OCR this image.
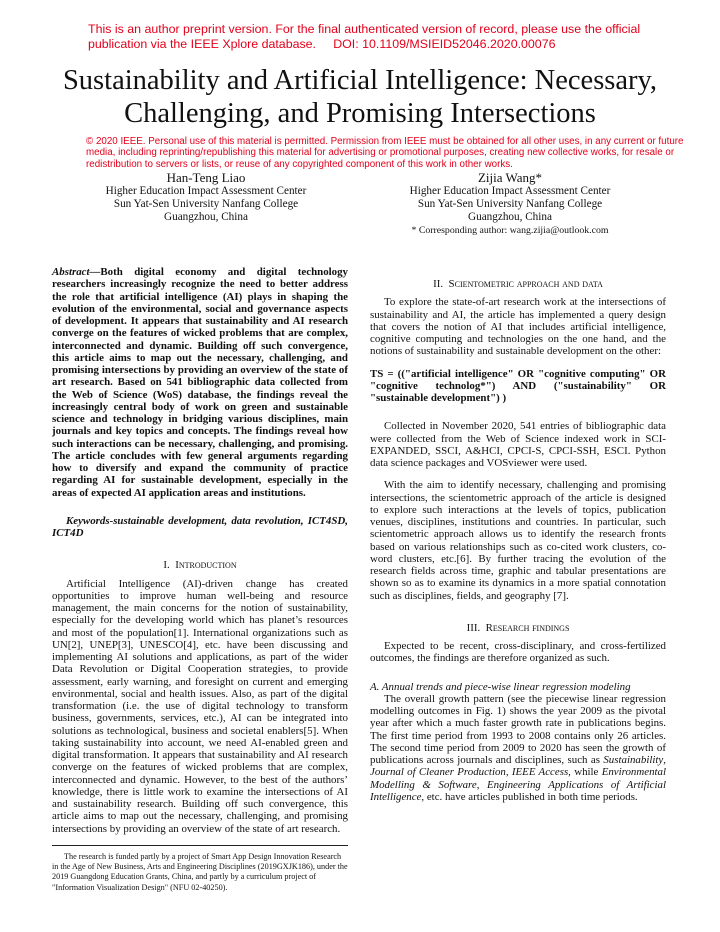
This is an author preprint version. For the final authenticated version of record, please use the official
publication via the IEEE Xplore database.     DOI: 10.1109/MSIEID52046.2020.00076
Sustainability and Artificial Intelligence: Necessary,
Challenging, and Promising Intersections
© 2020 IEEE. Personal use of this material is permitted. Permission from IEEE must be obtained for all other uses, in any current or future media, including reprinting/republishing this material for advertising or promotional purposes, creating new collective works, for resale or redistribution to servers or lists, or reuse of any copyrighted component of this work in other works.
Han-Teng Liao
Higher Education Impact Assessment Center
Sun Yat-Sen University Nanfang College
Guangzhou, China
Zijia Wang*
Higher Education Impact Assessment Center
Sun Yat-Sen University Nanfang College
Guangzhou, China
* Corresponding author: wang.zijia@outlook.com

Abstract—Both digital economy and digital technology researchers increasingly recognize the need to better address the role that artificial intelligence (AI) plays in shaping the evolution of the environmental, social and governance aspects of development. It appears that sustainability and AI research converge on the features of wicked problems that are complex, interconnected and dynamic. Building off such convergence, this article aims to map out the necessary, challenging, and promising intersections by providing an overview of the state of art research. Based on 541 bibliographic data collected from the Web of Science (WoS) database, the findings reveal the increasingly central body of work on green and sustainable science and technology in bridging various disciplines, main journals and key topics and concepts. The findings reveal how such interactions can be necessary, challenging, and promising. The article concludes with few general arguments regarding how to diversify and expand the community of practice regarding AI for sustainable development, especially in the areas of expected AI application areas and institutions.

Keywords-sustainable development, data revolution, ICT4SD, ICT4D

I. Introduction

Artificial Intelligence (AI)-driven change has created opportunities to improve human well-being and resource management, the main concerns for the notion of sustainability, especially for the developing world which has planet’s resources and most of the population[1]. International organizations such as UN[2], UNEP[3], UNESCO[4], etc. have been discussing and implementing AI solutions and applications, as part of the wider Data Revolution or Digital Cooperation strategies, to provide assessment, early warning, and foresight on current and emerging environmental, social and health issues. Also, as part of the digital transformation (i.e. the use of digital technology to transform business, governments, services, etc.), AI can be integrated into solutions as technological, business and societal enablers[5]. When taking sustainability into account, we need AI-enabled green and digital transformation. It appears that sustainability and AI research converge on the features of wicked problems that are complex, interconnected and dynamic. However, to the best of the authors’ knowledge, there is little work to examine the intersections of AI and sustainability research. Building off such convergence, this article aims to map out the necessary, challenging, and promising intersections by providing an overview of the state of art research.

II. Scientometric approach and data

To explore the state-of-art research work at the intersections of sustainability and AI, the article has implemented a query design that covers the notion of AI that includes artificial intelligence, cognitive computing and technologies on the one hand, and the notions of sustainability and sustainable development on the other:

TS = (("artificial intelligence" OR "cognitive computing" OR "cognitive technolog*") AND ("sustainability" OR "sustainable development") )

Collected in November 2020, 541 entries of bibliographic data were collected from the Web of Science indexed work in SCI-EXPANDED, SSCI, A&HCI, CPCI-S, CPCI-SSH, ESCI. Python data science packages and VOSviewer were used.

With the aim to identify necessary, challenging and promising intersections, the scientometric approach of the article is designed to explore such interactions at the levels of topics, publication venues, disciplines, institutions and countries. In particular, such scientometric approach allows us to identify the research fronts based on various relationships such as co-cited work clusters, co-word clusters, etc.[6]. By further tracing the evolution of the research fields across time, graphic and tabular presentations are shown so as to examine its dynamics in a more spatial connotation such as disciplines, fields, and geography [7].

III. Research findings

Expected to be recent, cross-disciplinary, and cross-fertilized outcomes, the findings are therefore organized as such.

A. Annual trends and piece-wise linear regression modeling

The overall growth pattern (see the piecewise linear regression modelling outcomes in Fig. 1) shows the year 2009 as the pivotal year after which a much faster growth rate in publications begins. The first time period from 1993 to 2008 contains only 26 articles. The second time period from 2009 to 2020 has seen the growth of publications across journals and disciplines, such as Sustainability, Journal of Cleaner Production, IEEE Access, while Environmental Modelling & Software, Engineering Applications of Artificial Intelligence, etc. have articles published in both time periods.

The research is funded partly by a project of Smart App Design Innovation Research in the Age of New Business, Arts and Engineering Disciplines (2019GXJK186), under the 2019 Guangdong Education Grants, China, and partly by a curriculum project of "Information Visualization Design" (NFU 02-40250).
